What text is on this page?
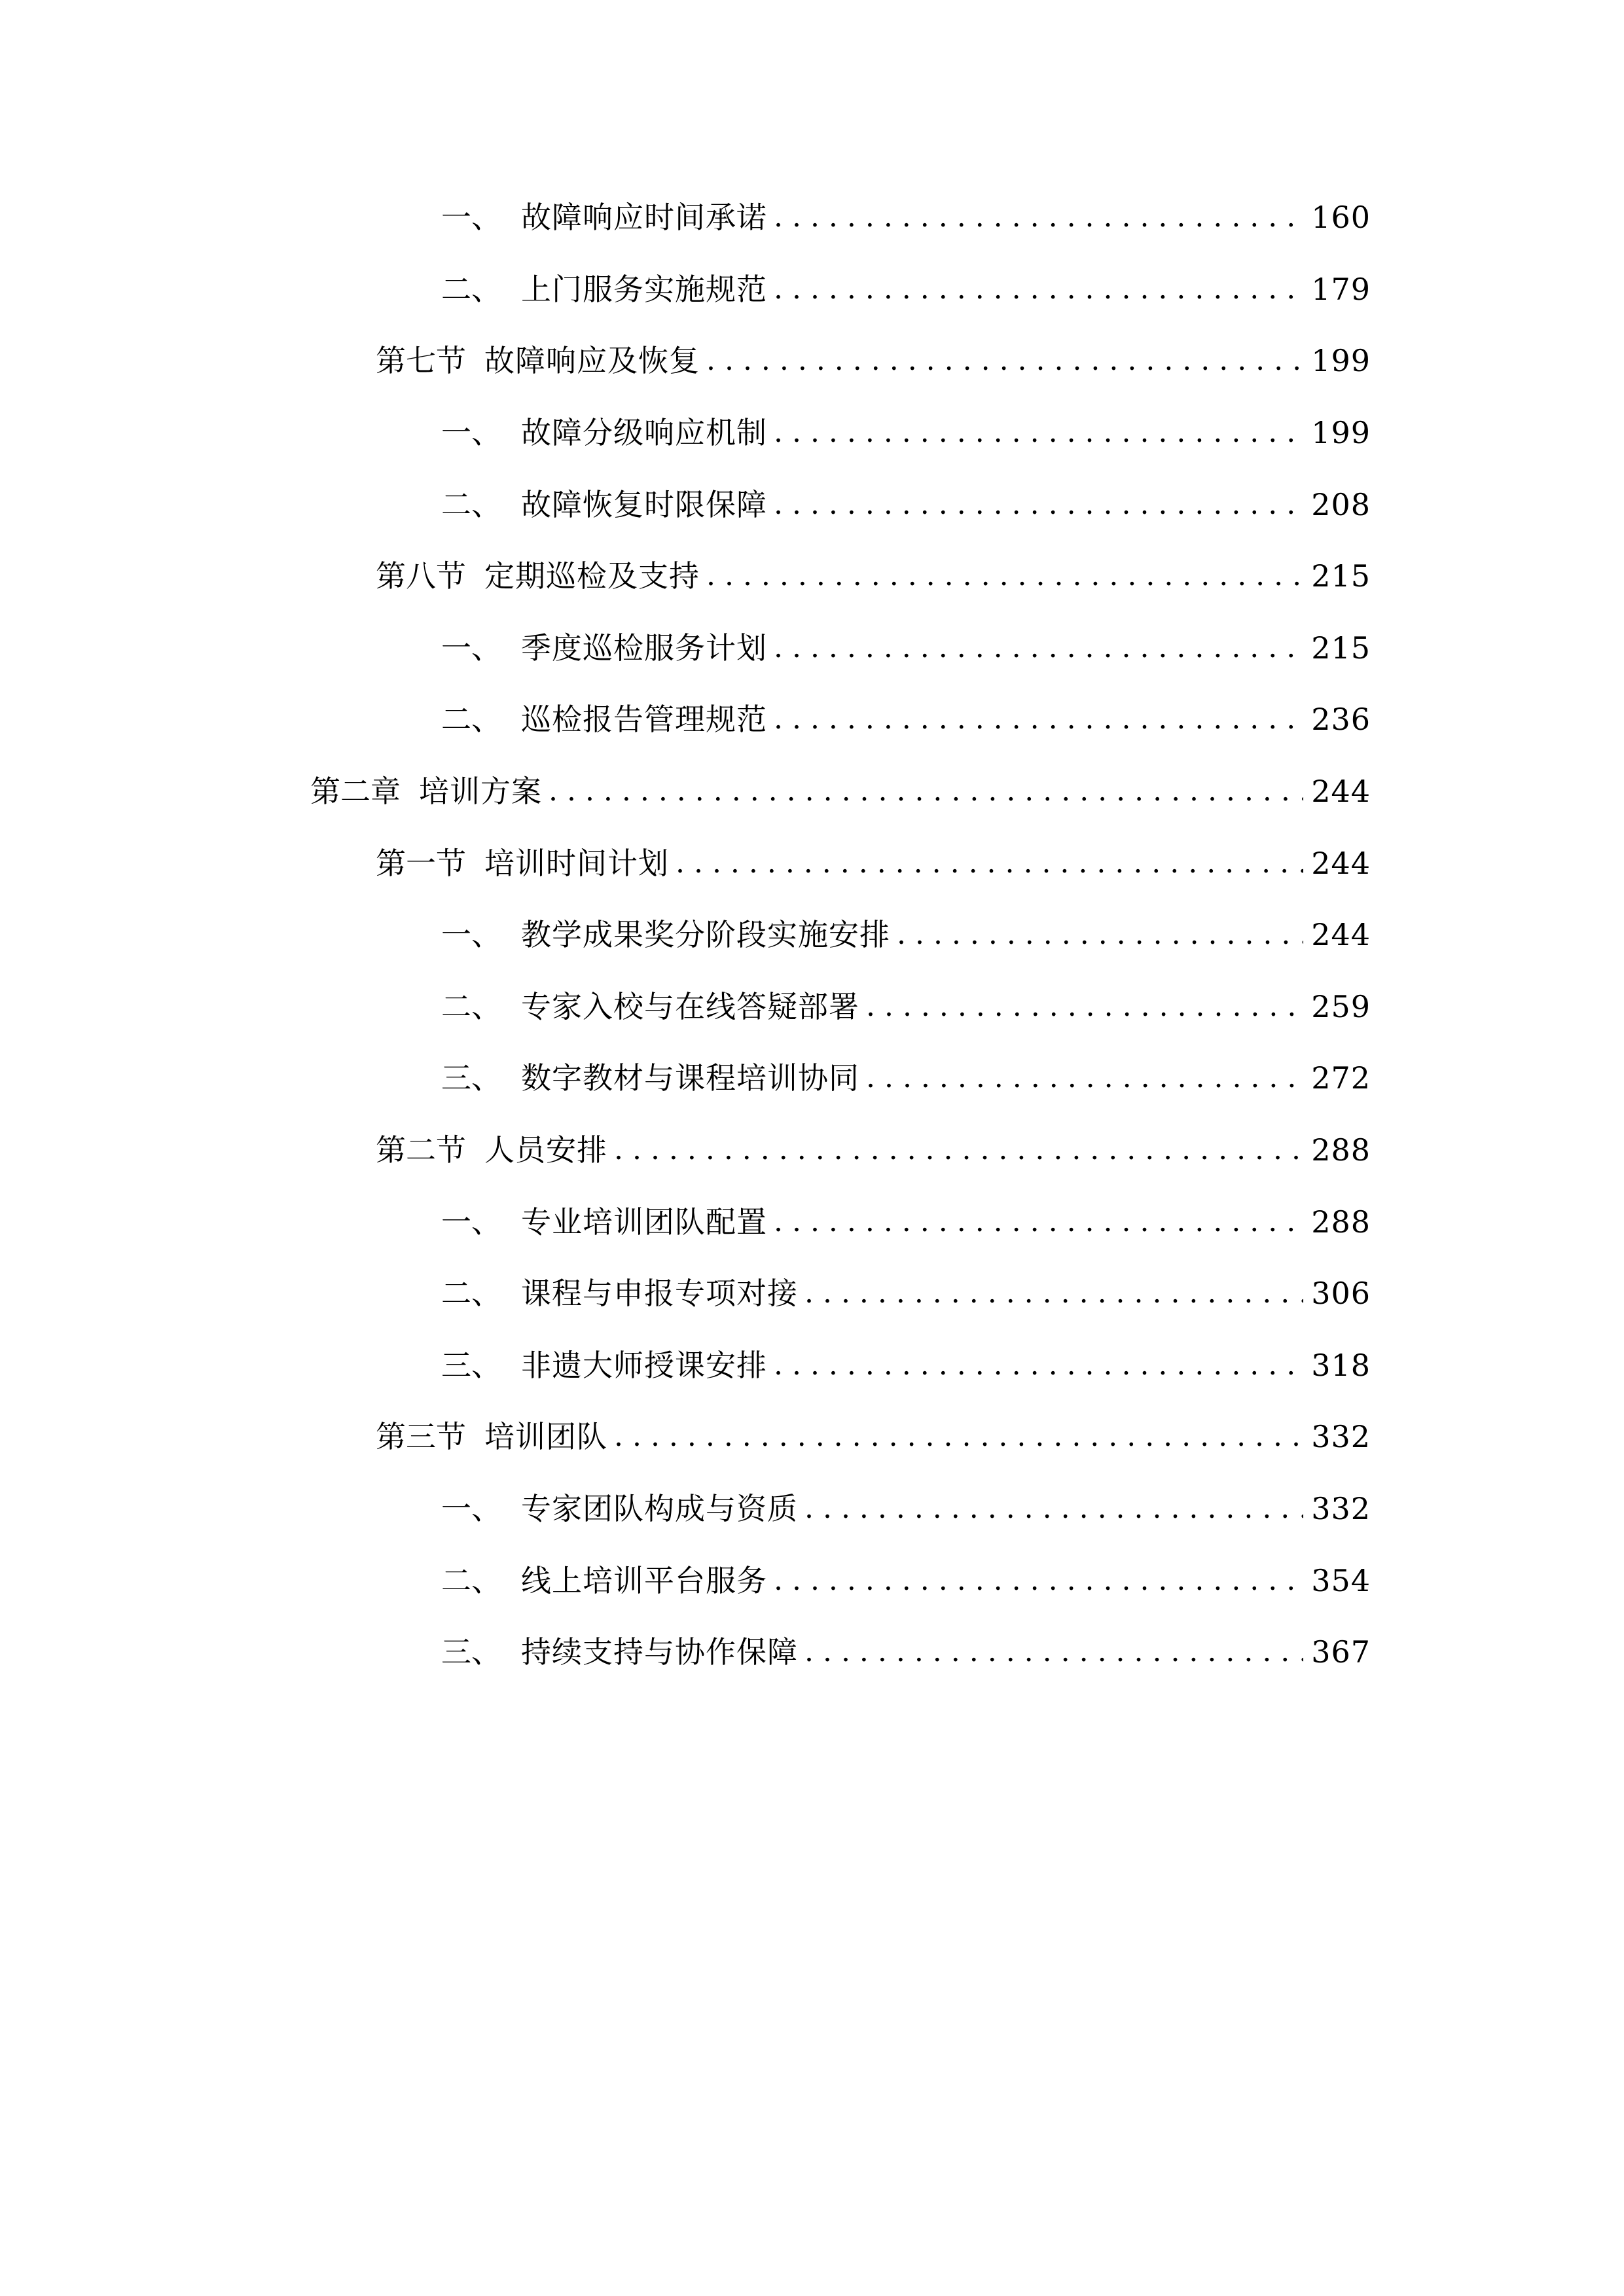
一、 故障响应时间承诺 . . .	160
二、 上门服务实施规范 . . .	179
第七节 故障响应及恢复 . . .	199
一、 故障分级响应机制 . . .	199
二、 故障恢复时限保障 . . .	208
第八节 定期巡检及支持 . . .	215
一、 季度巡检服务计划 . . .	215
二、 巡检报告管理规范 . . .	236
第二章 培训方案 . . .	244
第一节 培训时间计划 . . .	244
一、 教学成果奖分阶段实施安排 . . .	244
二、 专家入校与在线答疑部署 . . .	259
三、 数字教材与课程培训协同 . . .	272
第二节 人员安排 . . .	288
一、 专业培训团队配置 . . .	288
二、 课程与申报专项对接 . . .	306
三、 非遗大师授课安排 . . .	318
第三节 培训团队 . . .	332
一、 专家团队构成与资质 . . .	332
二、 线上培训平台服务 . . .	354
三、 持续支持与协作保障 . . .	367
